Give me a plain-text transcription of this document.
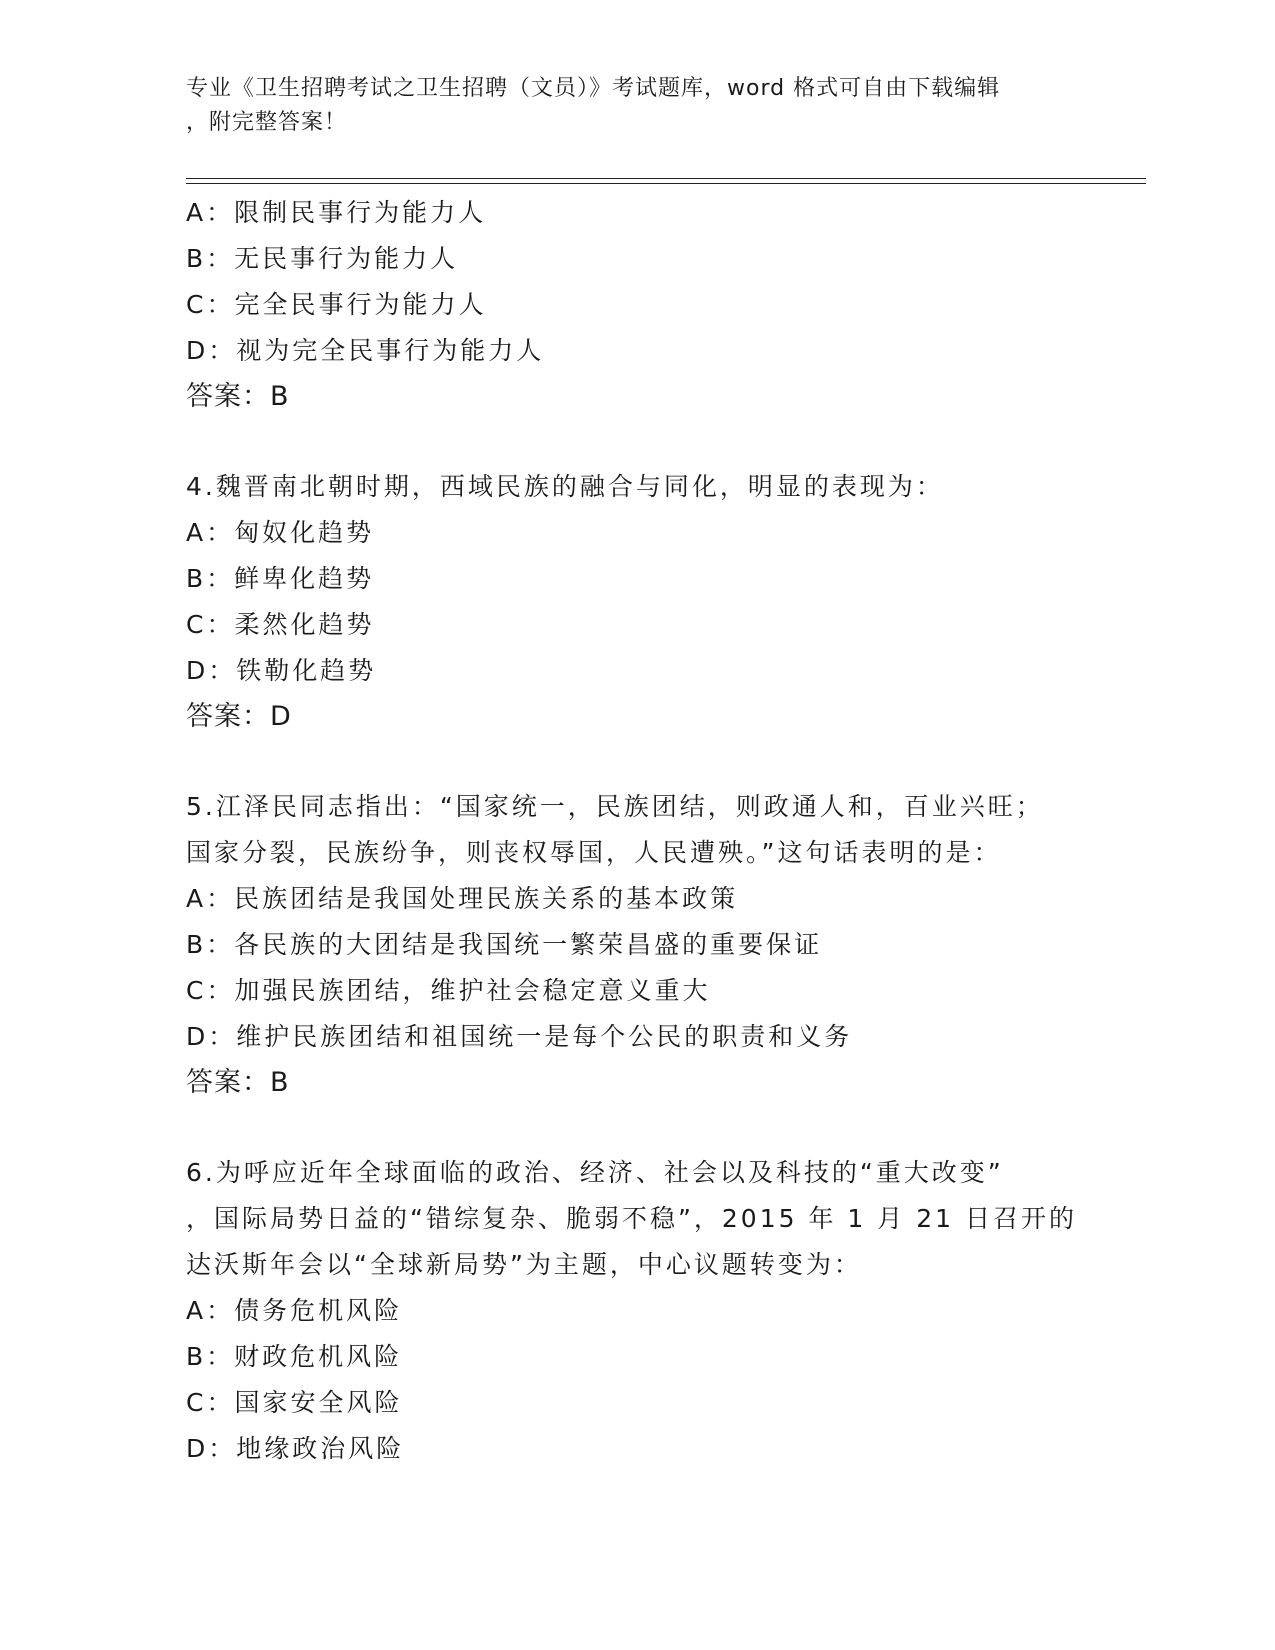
专业《卫生招聘考试之卫生招聘（文员）》考试题库，word 格式可自由下载编辑
，附完整答案！
A：限制民事行为能力人
B：无民事行为能力人
C：完全民事行为能力人
D：视为完全民事行为能力人
答案：B
4.魏晋南北朝时期，西域民族的融合与同化，明显的表现为：
A：匈奴化趋势
B：鲜卑化趋势
C：柔然化趋势
D：铁勒化趋势
答案：D
5.江泽民同志指出：“国家统一，民族团结，则政通人和，百业兴旺；
国家分裂，民族纷争，则丧权辱国，人民遭殃。”这句话表明的是：
A：民族团结是我国处理民族关系的基本政策
B：各民族的大团结是我国统一繁荣昌盛的重要保证
C：加强民族团结，维护社会稳定意义重大
D：维护民族团结和祖国统一是每个公民的职责和义务
答案：B
6.为呼应近年全球面临的政治、经济、社会以及科技的“重大改变”
，国际局势日益的“错综复杂、脆弱不稳”，2015 年 1 月 21 日召开的
达沃斯年会以“全球新局势”为主题，中心议题转变为：
A：债务危机风险
B：财政危机风险
C：国家安全风险
D：地缘政治风险
